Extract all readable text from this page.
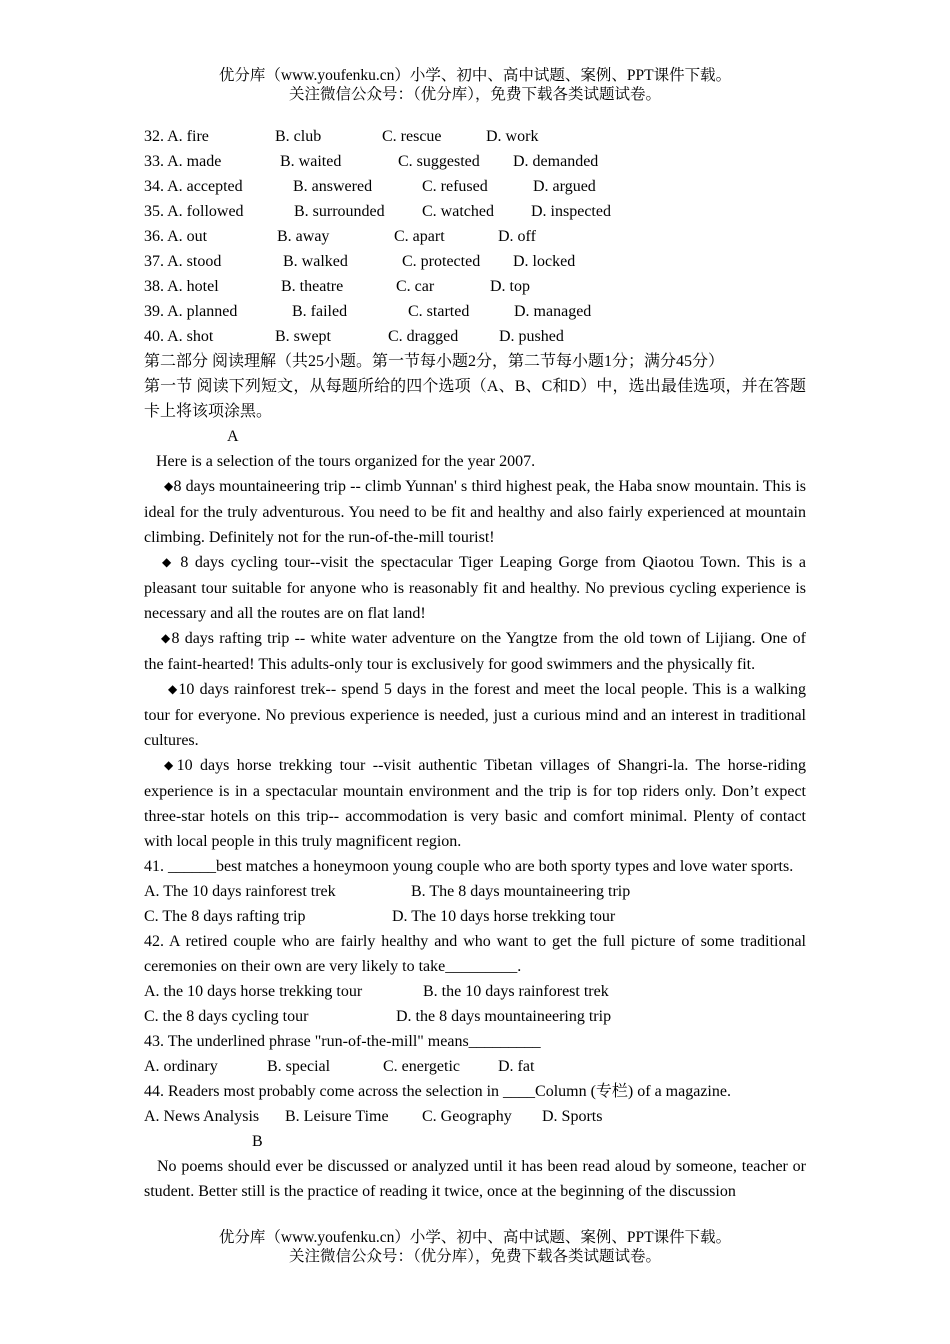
优分库（www.youfenku.cn）小学、初中、高中试题、案例、PPT课件下载。
关注微信公众号：（优分库），免费下载各类试题试卷。
32. A. fire	B. club	C. rescue	D. work
33. A. made	B. waited	C. suggested D. demanded
34. A. accepted	B. answered	C. refused	D. argued
35. A. followed	B. surrounded C. watched D. inspected
36. A. out	B. away	C. apart	D. off
37. A. stood	B. walked	C. protected D. locked
38. A. hotel	B. theatre	C. car	D. top
39. A. planned	B. failed	C. started	D. managed
40. A. shot	B. swept	C. dragged	D. pushed
第二部分 阅读理解（共25小题。第一节每小题2分，第二节每小题1分；满分45分）
第一节 阅读下列短文，从每题所给的四个选项（A、B、C和D）中，选出最佳选项，并在答题卡上将该项涂黑。
A
Here is a selection of the tours organized for the year 2007.
◆8 days mountaineering trip -- climb Yunnan' s third highest peak, the Haba snow mountain. This is ideal for the truly adventurous. You need to be fit and healthy and also fairly experienced at mountain climbing. Definitely not for the run-of-the-mill tourist!
◆ 8 days cycling tour--visit the spectacular Tiger Leaping Gorge from Qiaotou Town. This is a pleasant tour suitable for anyone who is reasonably fit and healthy. No previous cycling experience is necessary and all the routes are on flat land!
◆8 days rafting trip -- white water adventure on the Yangtze from the old town of Lijiang. One of the faint-hearted! This adults-only tour is exclusively for good swimmers and the physically fit.
◆10 days rainforest trek-- spend 5 days in the forest and meet the local people. This is a walking tour for everyone. No previous experience is needed, just a curious mind and an interest in traditional cultures.
◆10 days horse trekking tour --visit authentic Tibetan villages of Shangri-la. The horse-riding experience is in a spectacular mountain environment and the trip is for top riders only. Don’t expect three-star hotels on this trip-- accommodation is very basic and comfort minimal. Plenty of contact with local people in this truly magnificent region.
41. ______best matches a honeymoon young couple who are both sporty types and love water sports.
A. The 10 days rainforest trek	B. The 8 days mountaineering trip
C. The 8 days rafting trip	D. The 10 days horse trekking tour
42. A retired couple who are fairly healthy and who want to get the full picture of some traditional ceremonies on their own are very likely to take_________.
A. the 10 days horse trekking tour	B. the 10 days rainforest trek
C. the 8 days cycling tour	D. the 8 days mountaineering trip
43. The underlined phrase "run-of-the-mill" means_________
A. ordinary	B. special	C. energetic D. fat
44. Readers most probably come across the selection in ____Column (专栏) of a magazine.
A. News Analysis B. Leisure Time C. Geography D. Sports
B
No poems should ever be discussed or analyzed until it has been read aloud by someone, teacher or student. Better still is the practice of reading it twice, once at the beginning of the discussion
优分库（www.youfenku.cn）小学、初中、高中试题、案例、PPT课件下载。
关注微信公众号：（优分库），免费下载各类试题试卷。
